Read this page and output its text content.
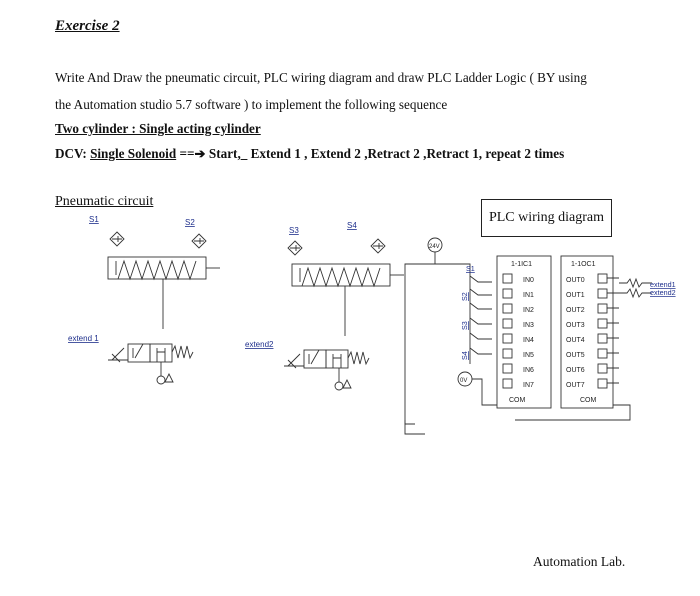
Exercise 2
Write And Draw the pneumatic circuit, PLC wiring diagram and draw PLC Ladder Logic ( BY using
the Automation studio 5.7 software ) to implement the following sequence
Two cylinder : Single acting cylinder
DCV: Single Solenoid ==➔ Start,_ Extend 1 , Extend 2 ,Retract 2 ,Retract 1, repeat 2 times
Pneumatic circuit
PLC wiring diagram
Automation Lab.
S1	S2
extend 1
S3
S4
extend2
24V
S1
S2
S3
S4
0V
1-1IC1
IN0
IN1
IN2
IN3
IN4
IN5
IN6
IN7
COM
1-1OC1
OUT0
OUT1
OUT2
OUT3
OUT4
OUT5
OUT6
OUT7
COM
extend1
extend2
